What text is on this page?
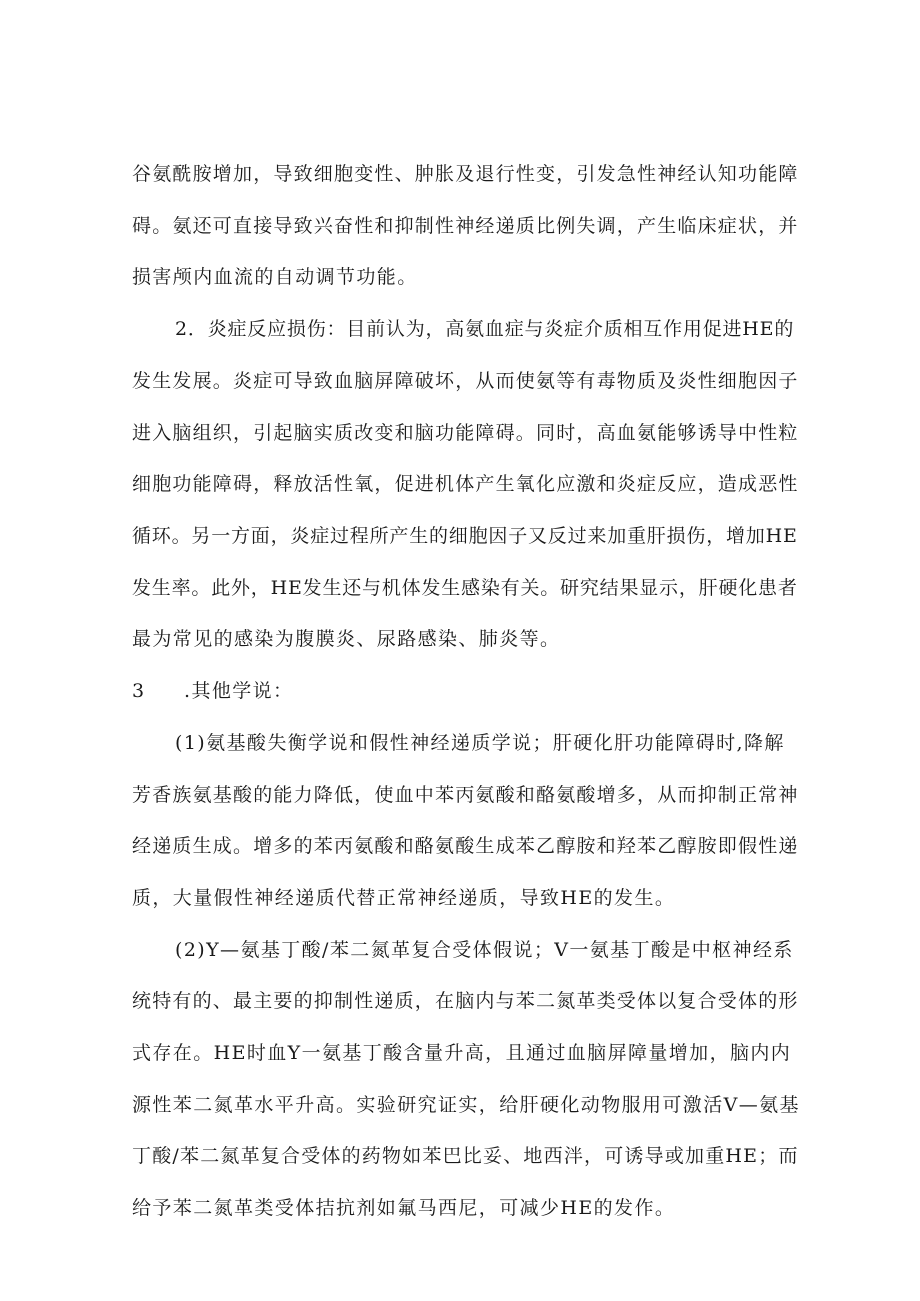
谷氨酰胺增加，导致细胞变性、肿胀及退行性变，引发急性神经认知功能障
碍。氨还可直接导致兴奋性和抑制性神经递质比例失调，产生临床症状，并
损害颅内血流的自动调节功能。
2．炎症反应损伤：目前认为，高氨血症与炎症介质相互作用促进HE的
发生发展。炎症可导致血脑屏障破坏，从而使氨等有毒物质及炎性细胞因子
进入脑组织，引起脑实质改变和脑功能障碍。同时，高血氨能够诱导中性粒
细胞功能障碍，释放活性氧，促进机体产生氧化应激和炎症反应，造成恶性
循环。另一方面，炎症过程所产生的细胞因子又反过来加重肝损伤，增加HE
发生率。此外，HE发生还与机体发生感染有关。研究结果显示，肝硬化患者
最为常见的感染为腹膜炎、尿路感染、肺炎等。
3 .其他学说：
(1)氨基酸失衡学说和假性神经递质学说；肝硬化肝功能障碍时,降解
芳香族氨基酸的能力降低，使血中苯丙氨酸和酪氨酸增多，从而抑制正常神
经递质生成。增多的苯丙氨酸和酪氨酸生成苯乙醇胺和羟苯乙醇胺即假性递
质，大量假性神经递质代替正常神经递质，导致HE的发生。
(2)Y—氨基丁酸/苯二氮革复合受体假说；V一氨基丁酸是中枢神经系
统特有的、最主要的抑制性递质，在脑内与苯二氮革类受体以复合受体的形
式存在。HE时血Y一氨基丁酸含量升高，且通过血脑屏障量增加，脑内内
源性苯二氮革水平升高。实验研究证实，给肝硬化动物服用可激活V—氨基
丁酸/苯二氮革复合受体的药物如苯巴比妥、地西泮，可诱导或加重HE；而
给予苯二氮革类受体拮抗剂如氟马西尼，可减少HE的发作。
